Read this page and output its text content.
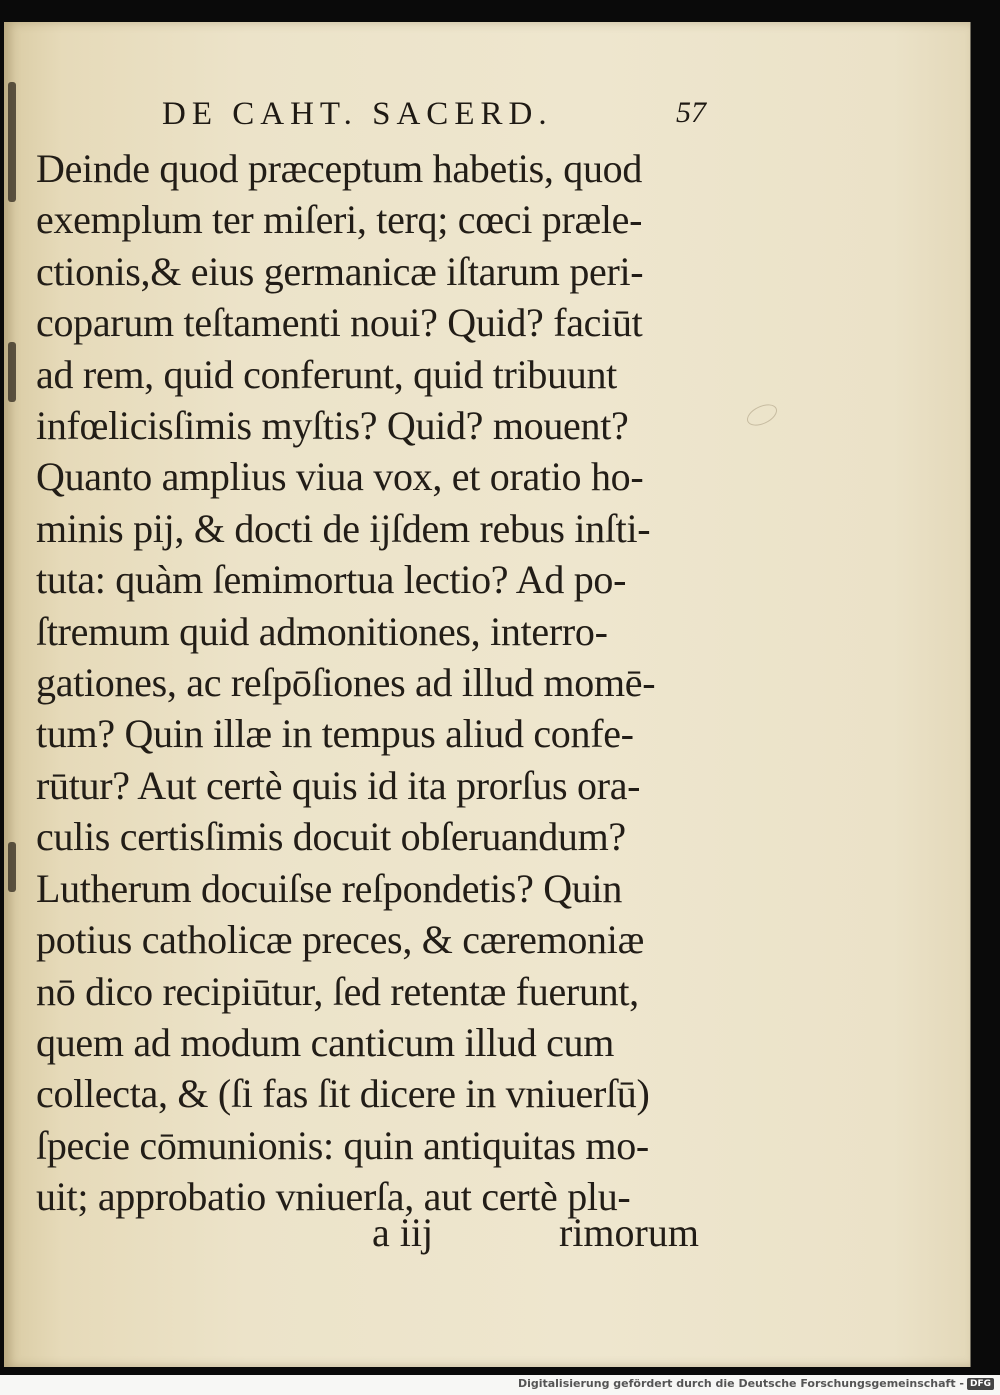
DE CAHT. SACERD.	57
Deinde quod præceptum habetis, quod
exemplum ter miſeri, terq; cœci præle-
ctionis,& eius germanicæ iſtarum peri-
coparum teſtamenti noui? Quid? faciūt
ad rem, quid conferunt, quid tribuunt
infœlicisſimis myſtis? Quid? mouent?
Quanto amplius viua vox, et oratio ho-
minis pij, & docti de ijſdem rebus inſti-
tuta: quàm ſemimortua lectio? Ad po-
ſtremum quid admonitiones, interro-
gationes, ac reſpōſiones ad illud momē-
tum? Quin illæ in tempus aliud confe-
rūtur? Aut certè quis id ita prorſus ora-
culis certisſimis docuit obſeruandum?
Lutherum docuiſse reſpondetis? Quin
potius catholicæ preces, & cæremoniæ
nō dico recipiūtur, ſed retentæ fuerunt,
quem ad modum canticum illud cum
collecta, & (ſi fas ſit dicere in vniuerſū)
ſpecie cōmunionis: quin antiquitas mo-
uit; approbatio vniuerſa, aut certè plu-
a iij	rimorum
Digitalisierung gefördert durch die Deutsche Forschungsgemeinschaft - DFG
